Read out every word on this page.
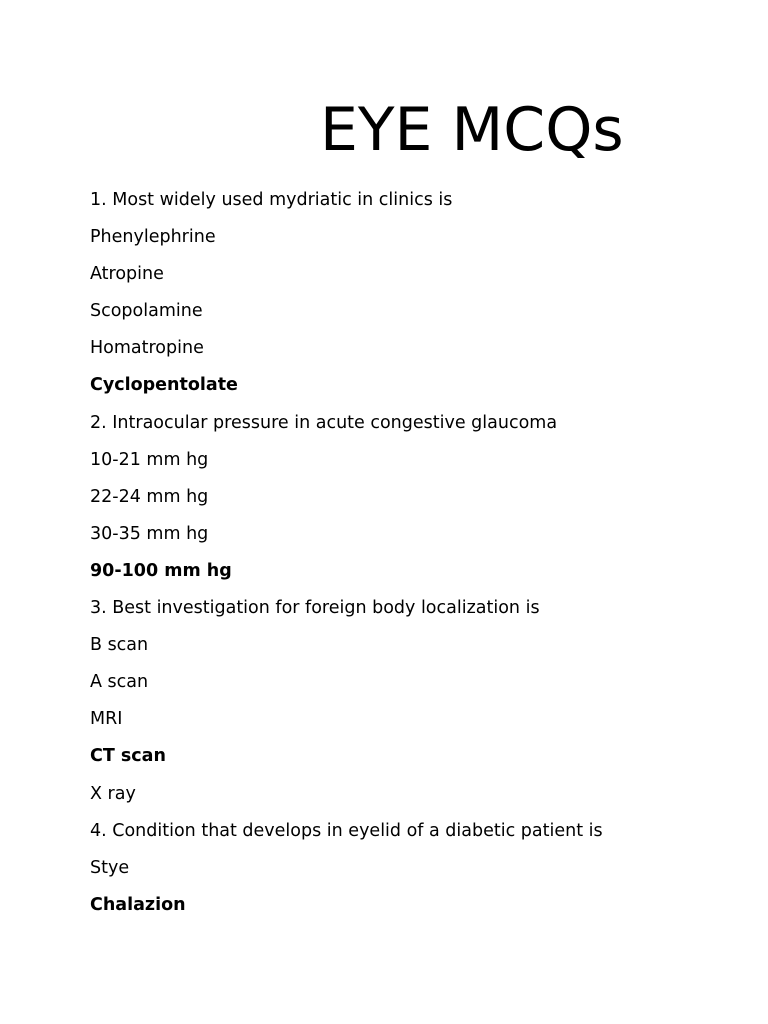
EYE MCQs
1. Most widely used mydriatic in clinics is
Phenylephrine
Atropine
Scopolamine
Homatropine
Cyclopentolate
2. Intraocular pressure in acute congestive glaucoma
10-21 mm hg
22-24 mm hg
30-35 mm hg
90-100 mm hg
3. Best investigation for foreign body localization is
B scan
A scan
MRI
CT scan
X ray
4. Condition that develops in eyelid of a diabetic patient is
Stye
Chalazion
